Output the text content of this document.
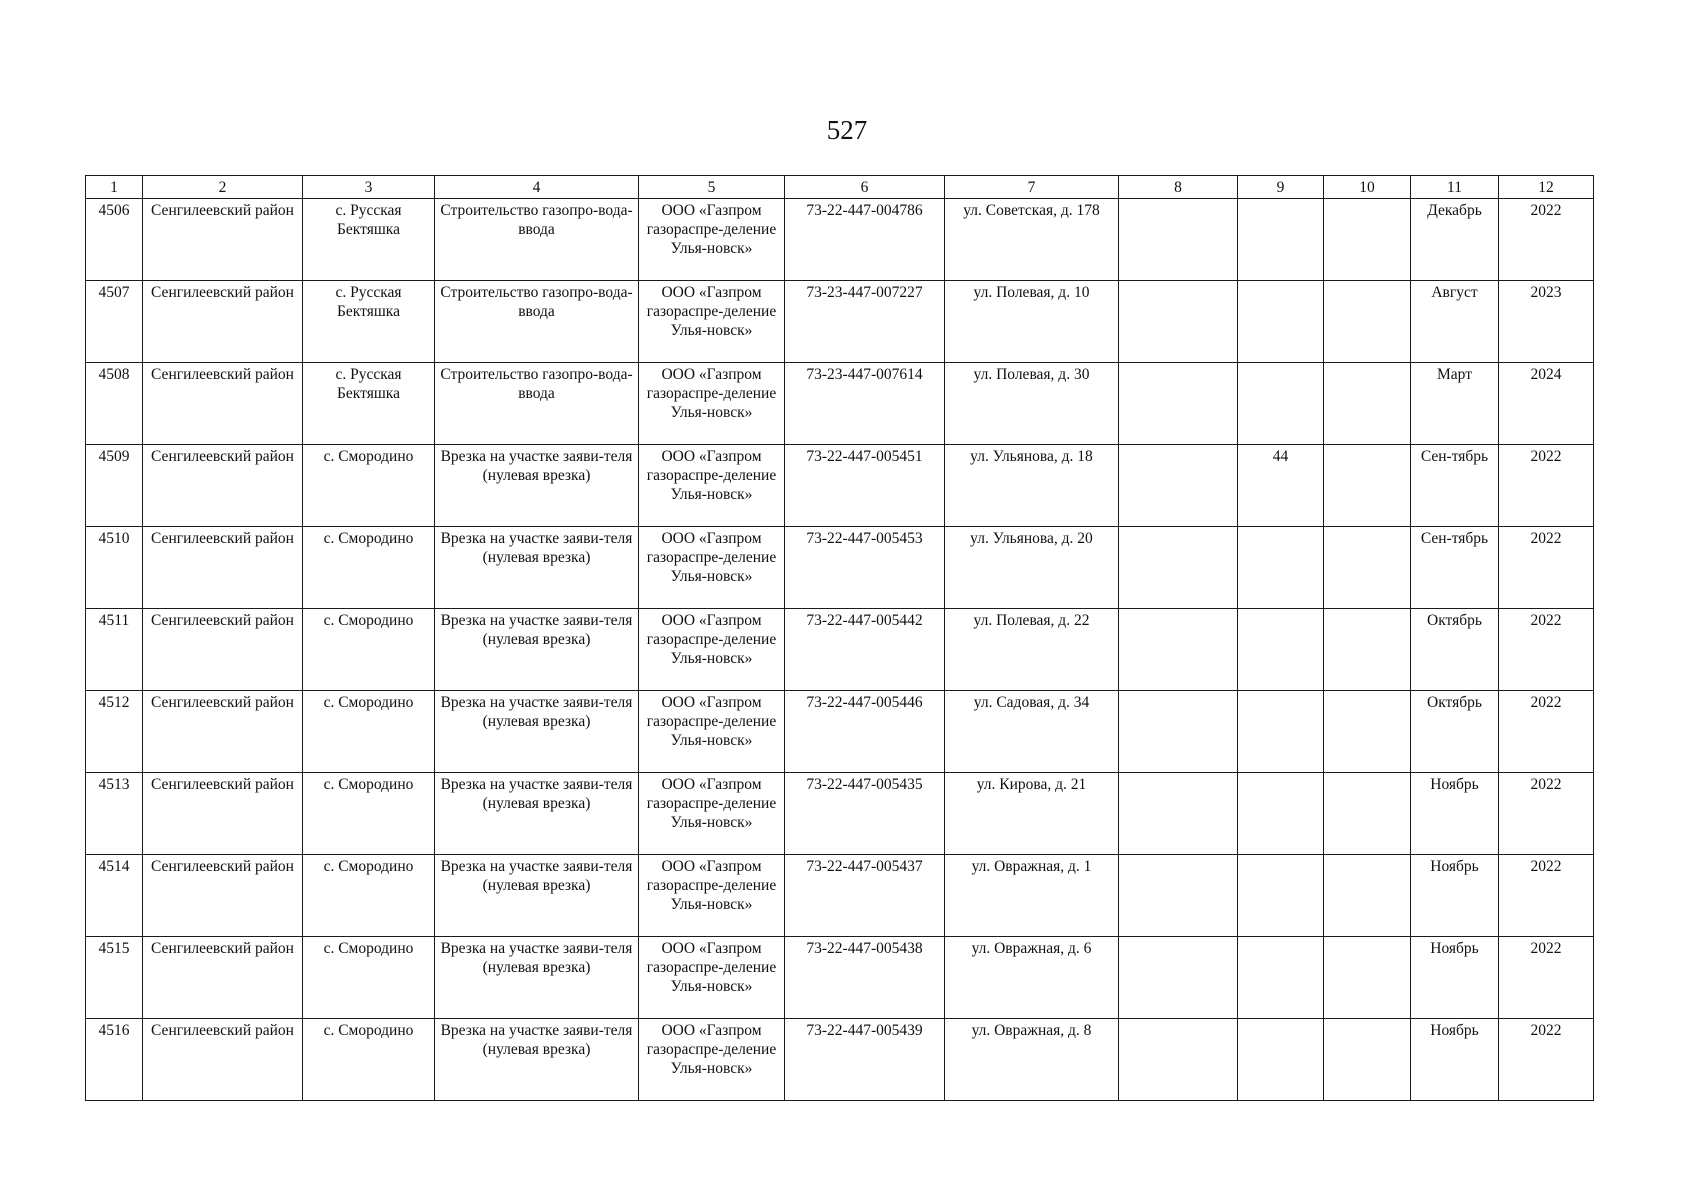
527
1	2	3	4	5	6	7	8	9	10	11	12
4506	Сенгилеевский район	с. Русская Бектяшка	Строительство газопро-вода-ввода	ООО «Газпром газораспре-деление Улья-новск»	73-22-447-004786	ул. Советская, д. 178				Декабрь	2022
4507	Сенгилеевский район	с. Русская Бектяшка	Строительство газопро-вода-ввода	ООО «Газпром газораспре-деление Улья-новск»	73-23-447-007227	ул. Полевая, д. 10				Август	2023
4508	Сенгилеевский район	с. Русская Бектяшка	Строительство газопро-вода-ввода	ООО «Газпром газораспре-деление Улья-новск»	73-23-447-007614	ул. Полевая, д. 30				Март	2024
4509	Сенгилеевский район	с. Смородино	Врезка на участке заяви-теля (нулевая врезка)	ООО «Газпром газораспре-деление Улья-новск»	73-22-447-005451	ул. Ульянова, д. 18		44		Сен-тябрь	2022
4510	Сенгилеевский район	с. Смородино	Врезка на участке заяви-теля (нулевая врезка)	ООО «Газпром газораспре-деление Улья-новск»	73-22-447-005453	ул. Ульянова, д. 20				Сен-тябрь	2022
4511	Сенгилеевский район	с. Смородино	Врезка на участке заяви-теля (нулевая врезка)	ООО «Газпром газораспре-деление Улья-новск»	73-22-447-005442	ул. Полевая, д. 22				Октябрь	2022
4512	Сенгилеевский район	с. Смородино	Врезка на участке заяви-теля (нулевая врезка)	ООО «Газпром газораспре-деление Улья-новск»	73-22-447-005446	ул. Садовая, д. 34				Октябрь	2022
4513	Сенгилеевский район	с. Смородино	Врезка на участке заяви-теля (нулевая врезка)	ООО «Газпром газораспре-деление Улья-новск»	73-22-447-005435	ул. Кирова, д. 21				Ноябрь	2022
4514	Сенгилеевский район	с. Смородино	Врезка на участке заяви-теля (нулевая врезка)	ООО «Газпром газораспре-деление Улья-новск»	73-22-447-005437	ул. Овражная, д. 1				Ноябрь	2022
4515	Сенгилеевский район	с. Смородино	Врезка на участке заяви-теля (нулевая врезка)	ООО «Газпром газораспре-деление Улья-новск»	73-22-447-005438	ул. Овражная, д. 6				Ноябрь	2022
4516	Сенгилеевский район	с. Смородино	Врезка на участке заяви-теля (нулевая врезка)	ООО «Газпром газораспре-деление Улья-новск»	73-22-447-005439	ул. Овражная, д. 8				Ноябрь	2022
